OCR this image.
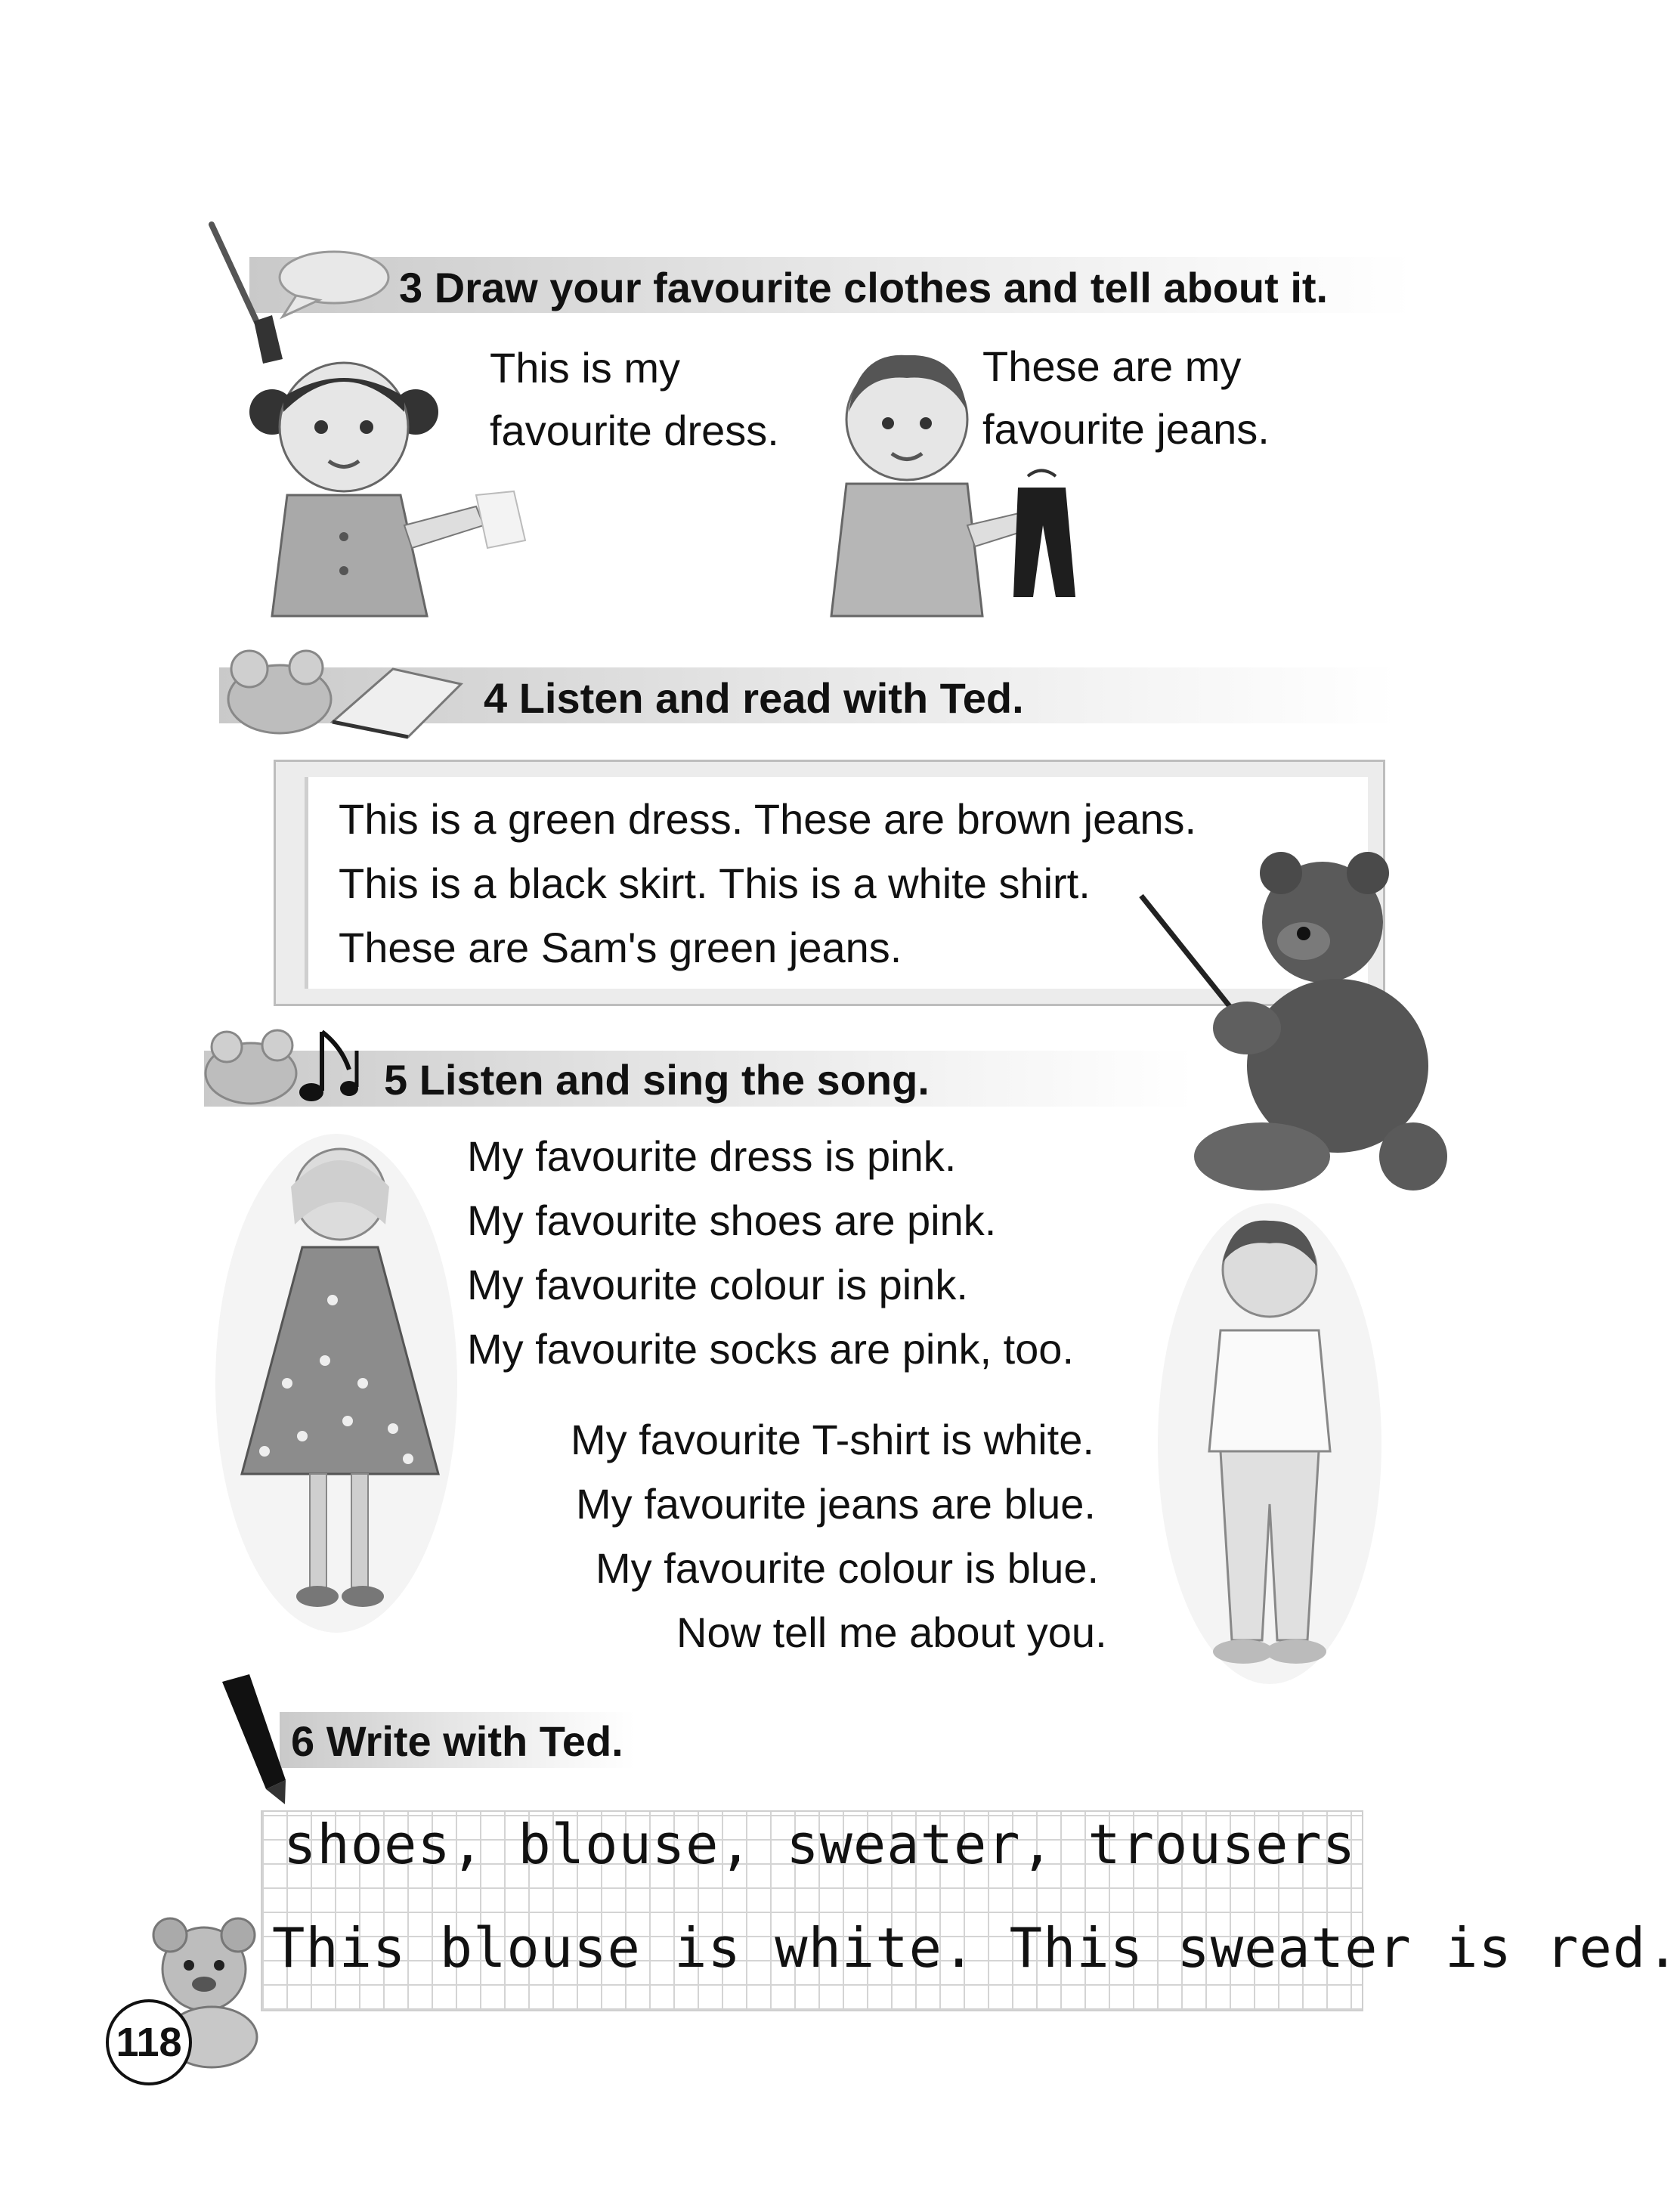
3 Draw your favourite clothes and tell about it.
This is my
favourite dress.
These are my
favourite jeans.
4 Listen and read with Ted.
This is a green dress. These are brown jeans.
This is a black skirt. This is a white shirt.
These are Sam's green jeans.
5 Listen and sing the song.
My favourite dress is pink.
My favourite shoes are pink.
My favourite colour is pink.
My favourite socks are pink, too.
My favourite T-shirt is white.
My favourite jeans are blue.
My favourite colour is blue.
Now tell me about you.
6 Write with Ted.
shoes, blouse, sweater, trousers
This blouse is white. This sweater is red.
118
